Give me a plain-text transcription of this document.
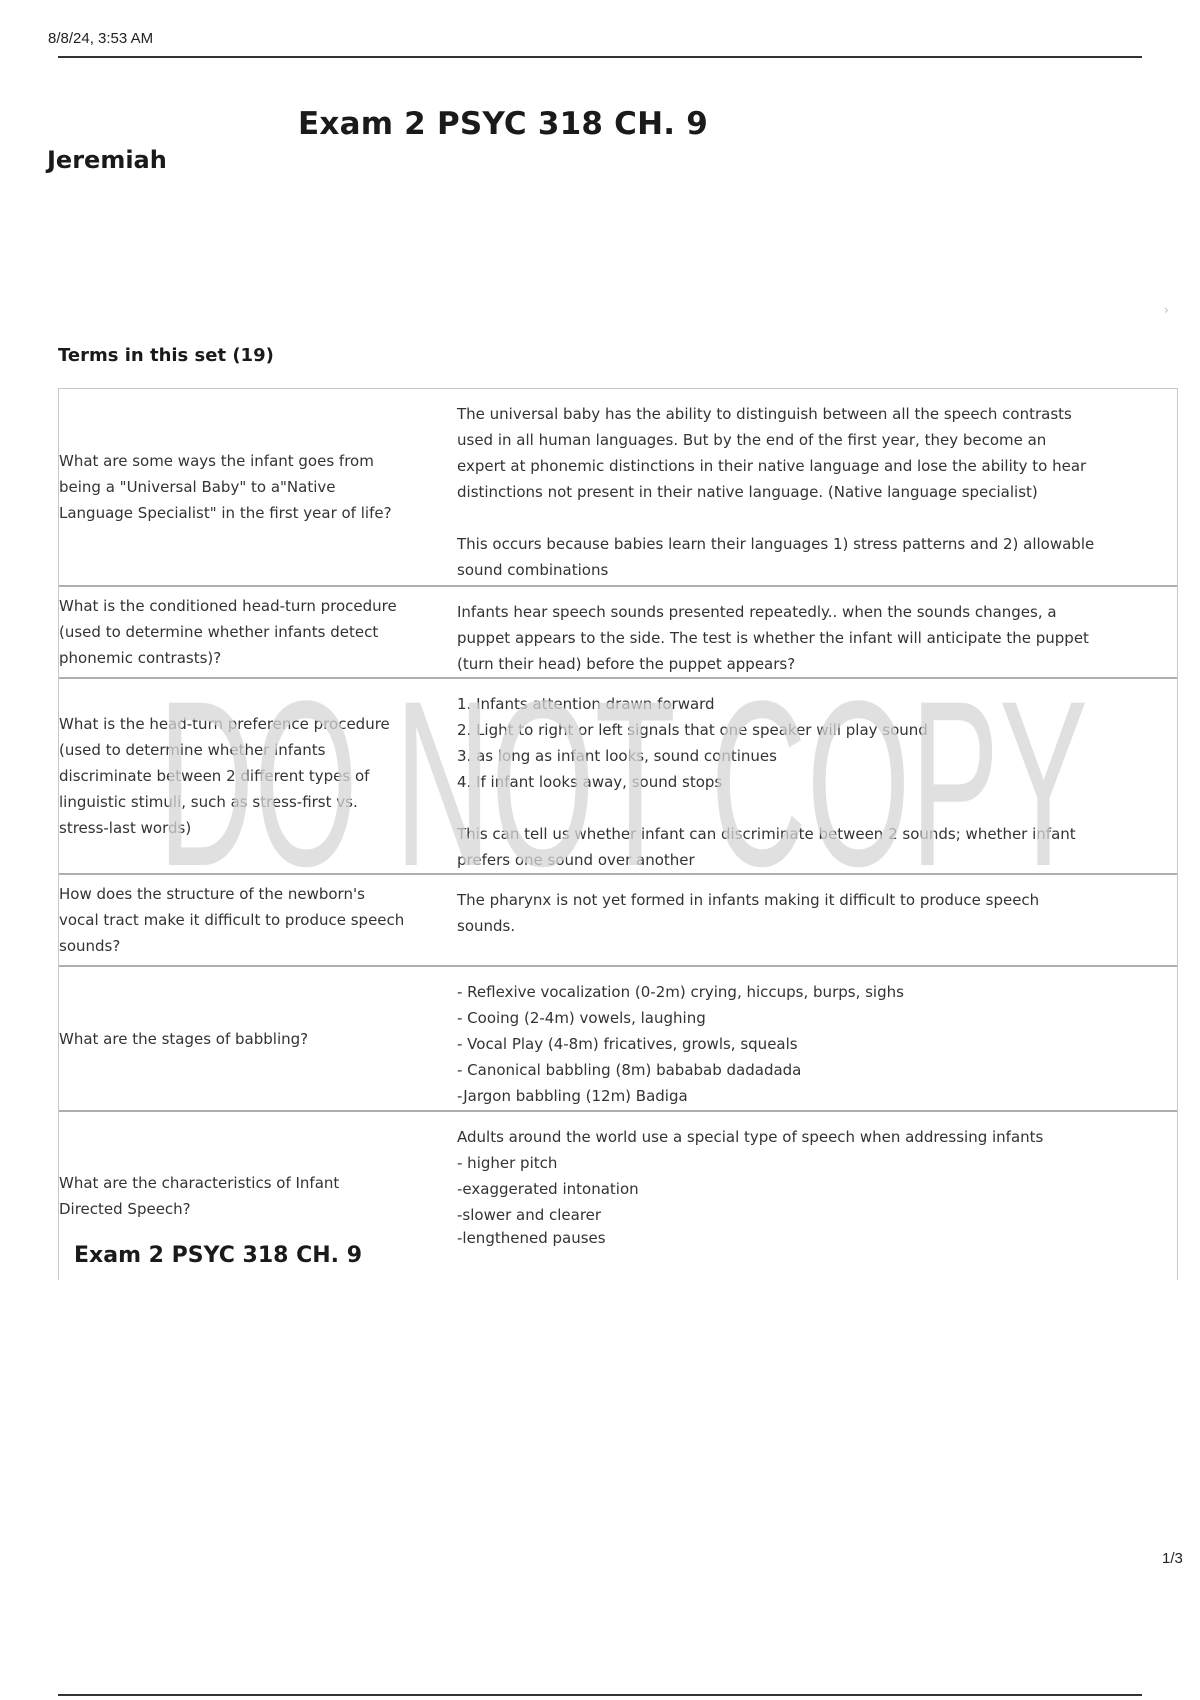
8/8/24, 3:53 AM
Exam 2 PSYC 318 CH. 9
Jeremiah
›
Terms in this set (19)
What are some ways the infant goes from being a "Universal Baby" to a"Native Language Specialist" in the first year of life?
The universal baby has the ability to distinguish between all the speech contrasts used in all human languages. But by the end of the first year, they become an expert at phonemic distinctions in their native language and lose the ability to hear distinctions not present in their native language. (Native language specialist)
This occurs because babies learn their languages 1) stress patterns and 2) allowable sound combinations
What is the conditioned head-turn procedure (used to determine whether infants detect phonemic contrasts)?
Infants hear speech sounds presented repeatedly.. when the sounds changes, a puppet appears to the side. The test is whether the infant will anticipate the puppet (turn their head) before the puppet appears?
What is the head-turn preference procedure (used to determine whether infants discriminate between 2 different types of linguistic stimuli, such as stress-first vs. stress-last words)
1. Infants attention drawn forward
2. Light to right or left signals that one speaker will play sound
3. as long as infant looks, sound continues
4. If infant looks away, sound stops
This can tell us whether infant can discriminate between 2 sounds; whether infant prefers one sound over another
How does the structure of the newborn's vocal tract make it difficult to produce speech sounds?
The pharynx is not yet formed in infants making it difficult to produce speech sounds.
What are the stages of babbling?
- Reflexive vocalization (0-2m) crying, hiccups, burps, sighs
- Cooing (2-4m) vowels, laughing
- Vocal Play (4-8m) fricatives, growls, squeals
- Canonical babbling (8m) bababab dadadada
-Jargon babbling (12m) Badiga
What are the characteristics of Infant Directed Speech?
Adults around the world use a special type of speech when addressing infants
- higher pitch
-exaggerated intonation
-slower and clearer
-lengthened pauses
DO NOT COPY
Exam 2 PSYC 318 CH. 9
1/3
